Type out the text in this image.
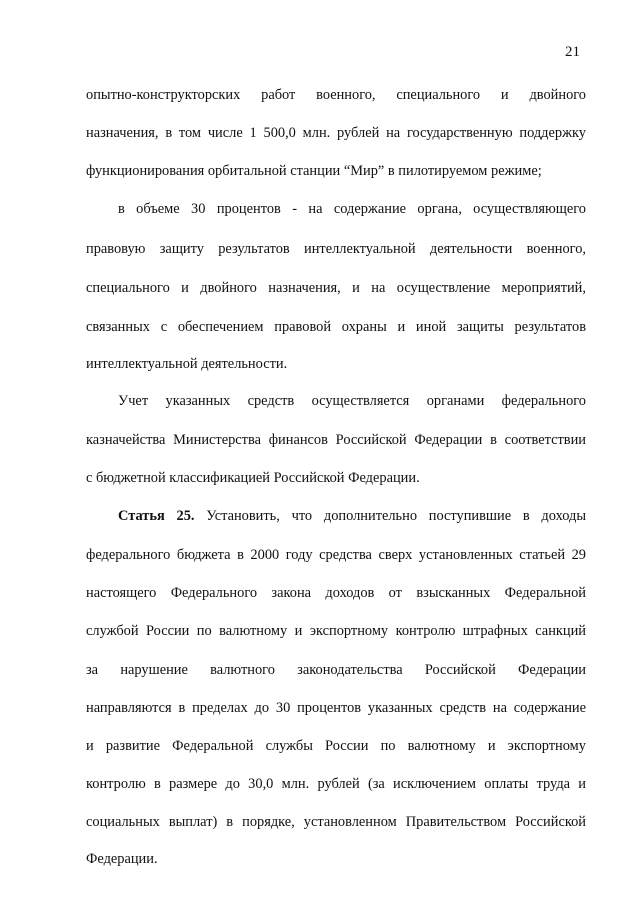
21
опытно-конструкторских работ военного, специального и двойного
назначения, в том числе 1 500,0 млн. рублей на государственную поддержку
функционирования орбитальной станции “Мир” в пилотируемом режиме;
в объеме 30 процентов - на содержание органа, осуществляющего
правовую защиту результатов интеллектуальной деятельности военного,
специального и двойного назначения, и на осуществление мероприятий,
связанных с обеспечением правовой охраны и иной защиты результатов
интеллектуальной деятельности.
Учет указанных средств осуществляется органами федерального
казначейства Министерства финансов Российской Федерации в соответствии
с бюджетной классификацией Российской Федерации.
Статья 25. Установить, что дополнительно поступившие в доходы
федерального бюджета в 2000 году средства сверх установленных статьей 29
настоящего Федерального закона доходов от взысканных Федеральной
службой России по валютному и экспортному контролю штрафных санкций
за нарушение валютного законодательства Российской Федерации
направляются в пределах до 30 процентов указанных средств на содержание
и развитие Федеральной службы России по валютному и экспортному
контролю в размере до 30,0 млн. рублей (за исключением оплаты труда и
социальных выплат) в порядке, установленном Правительством Российской
Федерации.
